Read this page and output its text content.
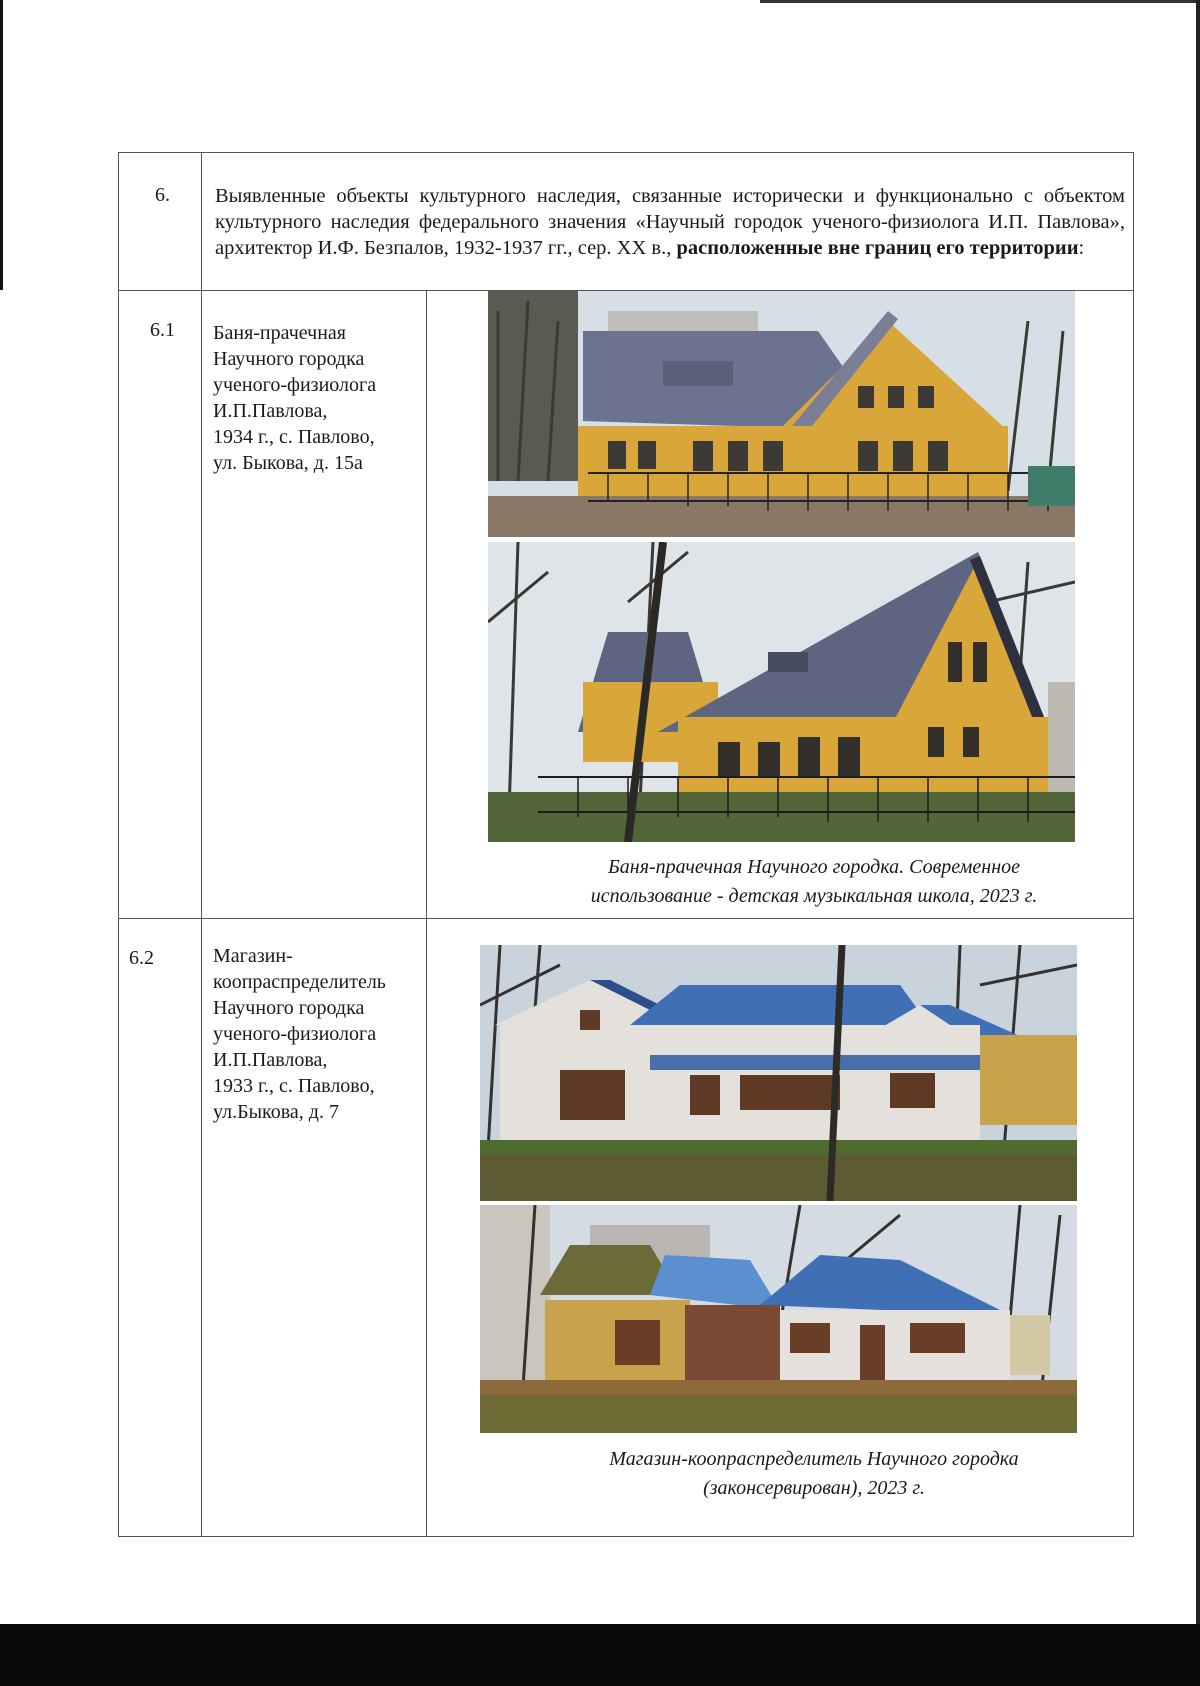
6. Выявленные объекты культурного наследия, связанные исторически и функционально с объектом культурного наследия федерального значения «Научный городок ученого-физиолога И.П. Павлова», архитектор И.Ф. Безпалов, 1932-1937 гг., сер. XX в., расположенные вне границ его территории:
6.1 Баня-прачечная
Научного городка
ученого-физиолога
И.П.Павлова,
1934 г., с. Павлово,
ул. Быкова, д. 15а
Баня-прачечная Научного городка. Современное
использование - детская музыкальная школа, 2023 г.
6.2	Магазин-
коопраспределитель
Научного городка
ученого-физиолога
И.П.Павлова,
1933 г., с. Павлово,
ул.Быкова, д. 7
Магазин-коопраспределитель Научного городка
(законсервирован), 2023 г.
